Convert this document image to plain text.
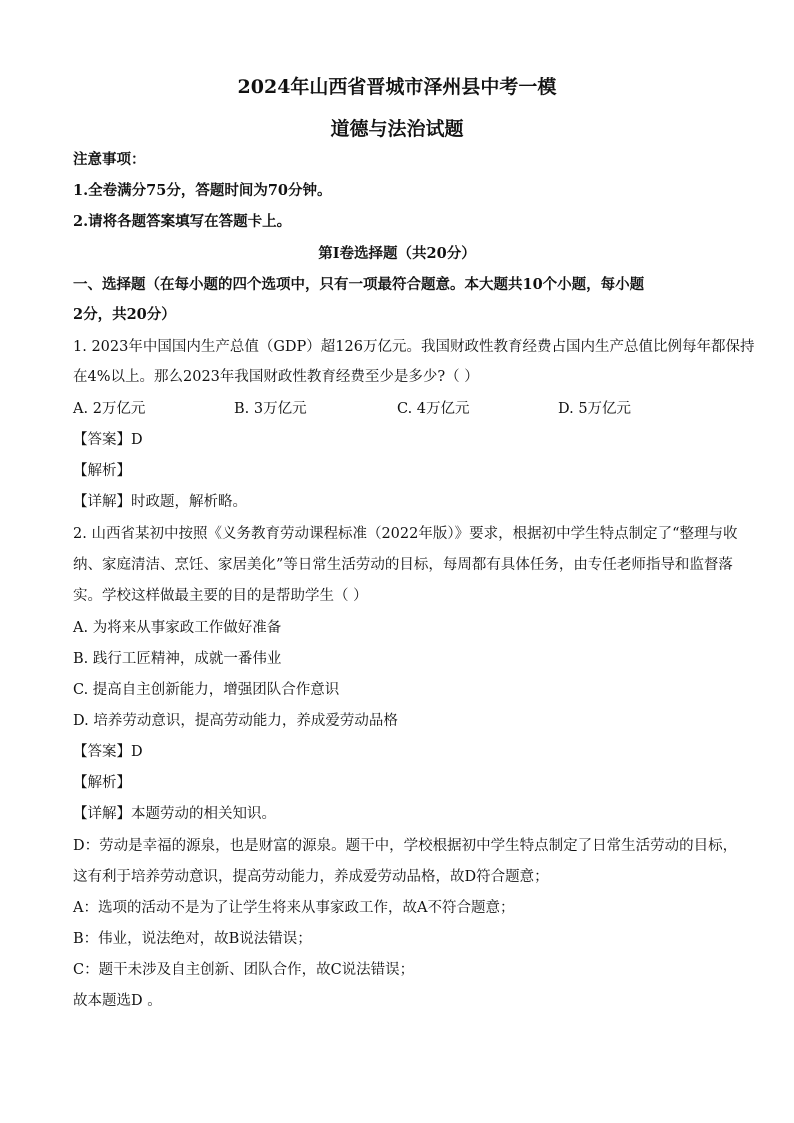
2024年山西省晋城市泽州县中考一模
道德与法治试题
注意事项：
1.全卷满分75分，答题时间为70分钟。
2.请将各题答案填写在答题卡上。
第Ⅰ卷选择题（共20分）
一、选择题（在每小题的四个选项中，只有一项最符合题意。本大题共10个小题，每小题
2分，共20分）
1. 2023年中国国内生产总值（GDP）超126万亿元。我国财政性教育经费占国内生产总值比例每年都保持
在4%以上。那么2023年我国财政性教育经费至少是多少?（ ）
A. 2万亿元	B. 3万亿元	C. 4万亿元	D. 5万亿元
【答案】D
【解析】
【详解】时政题，解析略。
2. 山西省某初中按照《义务教育劳动课程标准（2022年版）》要求，根据初中学生特点制定了“整理与收
纳、家庭清洁、烹饪、家居美化”等日常生活劳动的目标，每周都有具体任务，由专任老师指导和监督落
实。学校这样做最主要的目的是帮助学生（ ）
A. 为将来从事家政工作做好准备
B. 践行工匠精神，成就一番伟业
C. 提高自主创新能力，增强团队合作意识
D. 培养劳动意识，提高劳动能力，养成爱劳动品格
【答案】D
【解析】
【详解】本题劳动的相关知识。
D：劳动是幸福的源泉，也是财富的源泉。题干中，学校根据初中学生特点制定了日常生活劳动的目标，
这有利于培养劳动意识，提高劳动能力，养成爱劳动品格，故D符合题意；
A：选项的活动不是为了让学生将来从事家政工作，故A不符合题意；
B：伟业，说法绝对，故B说法错误；
C：题干未涉及自主创新、团队合作，故C说法错误；
故本题选D 。
